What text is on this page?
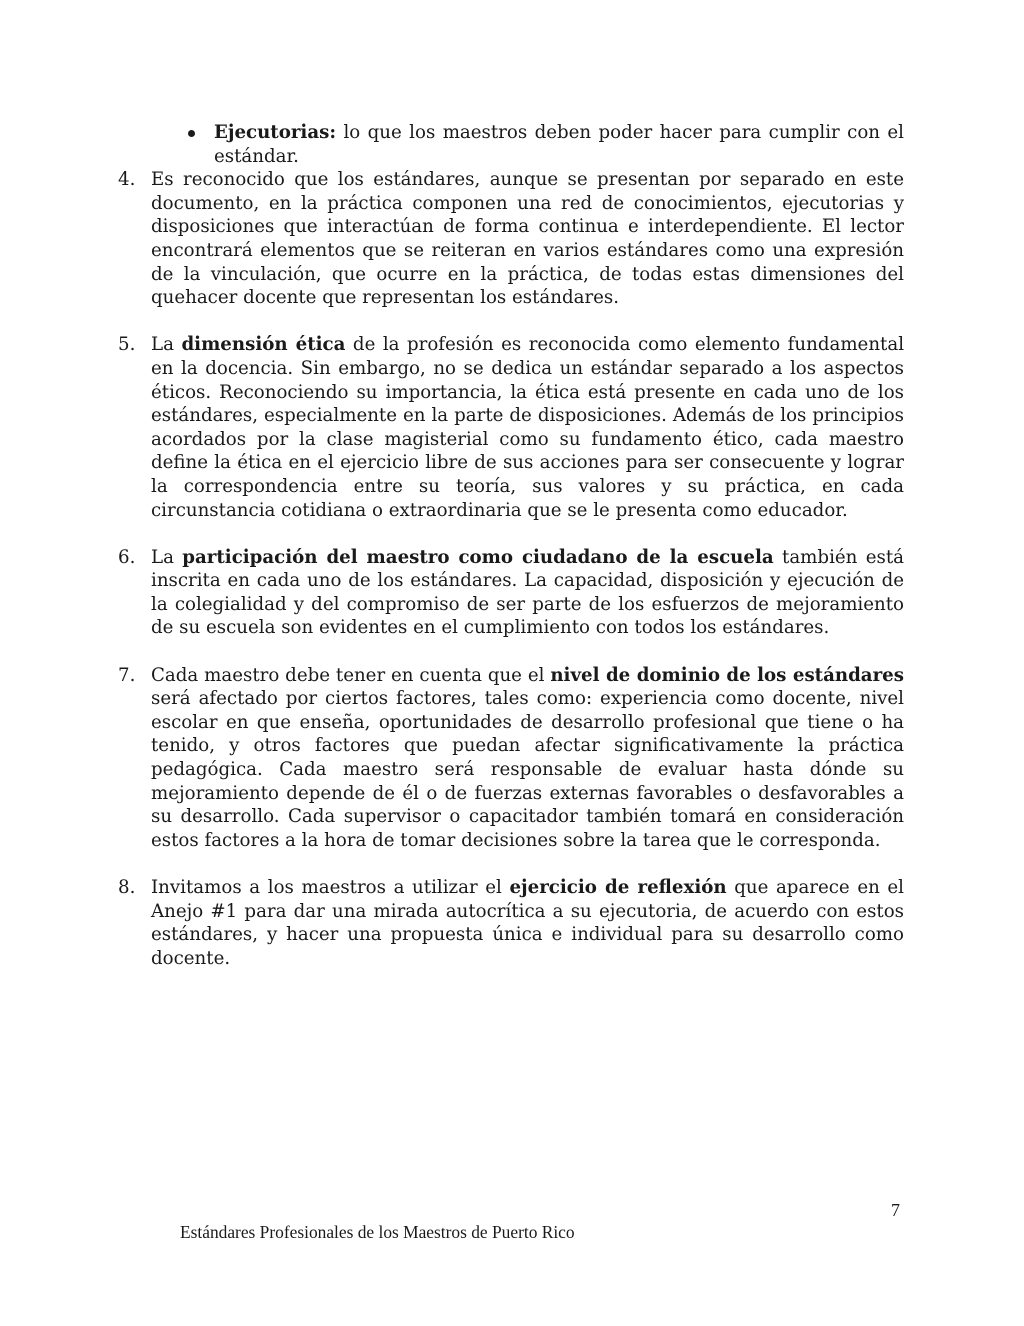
Ejecutorias: lo que los maestros deben poder hacer para cumplir con el estándar.
4. Es reconocido que los estándares, aunque se presentan por separado en este documento, en la práctica componen una red de conocimientos, ejecutorias y disposiciones que interactúan de forma continua e interdependiente. El lector encontrará elementos que se reiteran en varios estándares como una expresión de la vinculación, que ocurre en la práctica, de todas estas dimensiones del quehacer docente que representan los estándares.
5. La dimensión ética de la profesión es reconocida como elemento fundamental en la docencia. Sin embargo, no se dedica un estándar separado a los aspectos éticos. Reconociendo su importancia, la ética está presente en cada uno de los estándares, especialmente en la parte de disposiciones. Además de los principios acordados por la clase magisterial como su fundamento ético, cada maestro define la ética en el ejercicio libre de sus acciones para ser consecuente y lograr la correspondencia entre su teoría, sus valores y su práctica, en cada circunstancia cotidiana o extraordinaria que se le presenta como educador.
6. La participación del maestro como ciudadano de la escuela también está inscrita en cada uno de los estándares. La capacidad, disposición y ejecución de la colegialidad y del compromiso de ser parte de los esfuerzos de mejoramiento de su escuela son evidentes en el cumplimiento con todos los estándares.
7. Cada maestro debe tener en cuenta que el nivel de dominio de los estándares será afectado por ciertos factores, tales como: experiencia como docente, nivel escolar en que enseña, oportunidades de desarrollo profesional que tiene o ha tenido, y otros factores que puedan afectar significativamente la práctica pedagógica. Cada maestro será responsable de evaluar hasta dónde su mejoramiento depende de él o de fuerzas externas favorables o desfavorables a su desarrollo. Cada supervisor o capacitador también tomará en consideración estos factores a la hora de tomar decisiones sobre la tarea que le corresponda.
8. Invitamos a los maestros a utilizar el ejercicio de reflexión que aparece en el Anejo #1 para dar una mirada autocrítica a su ejecutoria, de acuerdo con estos estándares, y hacer una propuesta única e individual para su desarrollo como docente.
7
Estándares Profesionales de los Maestros de Puerto Rico
